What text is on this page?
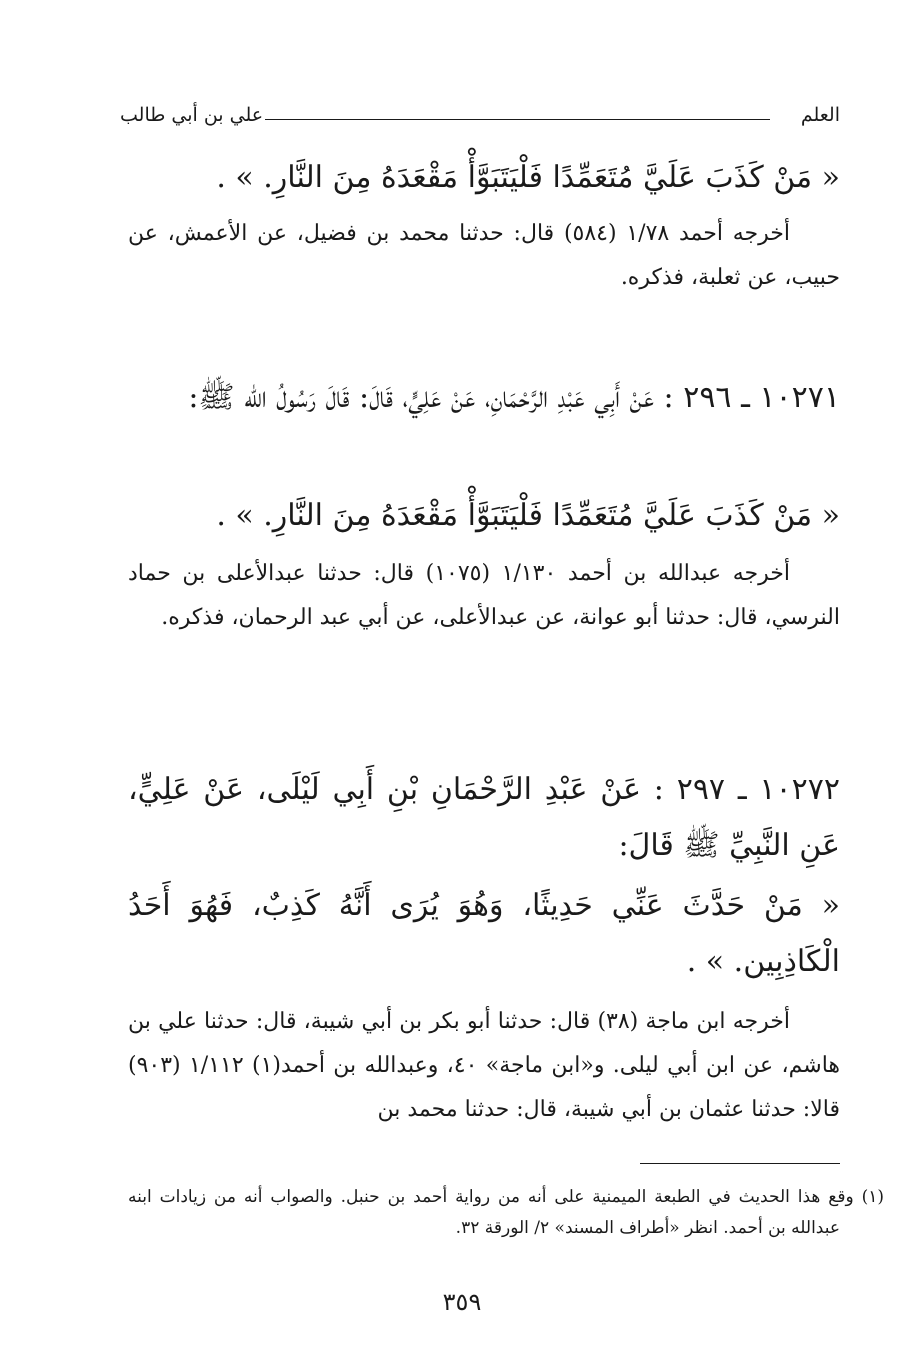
العلم
علي بن أبي طالب
« مَنْ كَذَبَ عَلَيَّ مُتَعَمِّدًا فَلْيَتَبَوَّأْ مَقْعَدَهُ مِنَ النَّارِ. » .
أخرجه أحمد ١/٧٨ (٥٨٤) قال: حدثنا محمد بن فضيل، عن الأعمش، عن حبيب، عن ثعلبة، فذكره.
١٠٢٧١ ـ ٢٩٦ : عَنْ أَبِي عَبْدِ الرَّحْمَانِ، عَنْ عَلِيٍّ، قَالَ: قَالَ رَسُولُ الله ﷺ:
« مَنْ كَذَبَ عَلَيَّ مُتَعَمِّدًا فَلْيَتَبَوَّأْ مَقْعَدَهُ مِنَ النَّارِ. » .
أخرجه عبدالله بن أحمد ١/١٣٠ (١٠٧٥) قال: حدثنا عبدالأعلى بن حماد النرسي، قال: حدثنا أبو عوانة، عن عبدالأعلى، عن أبي عبد الرحمان، فذكره.
١٠٢٧٢ ـ ٢٩٧ : عَنْ عَبْدِ الرَّحْمَانِ بْنِ أَبِي لَيْلَى، عَنْ عَلِيٍّ، عَنِ النَّبِيِّ ﷺ قَالَ:
« مَنْ حَدَّثَ عَنِّي حَدِيثًا، وَهُوَ يُرَى أَنَّهُ كَذِبٌ، فَهُوَ أَحَدُ الْكَاذِبِين. » .
أخرجه ابن ماجة (٣٨) قال: حدثنا أبو بكر بن أبي شيبة، قال: حدثنا علي بن هاشم، عن ابن أبي ليلى. و«ابن ماجة» ٤٠، وعبدالله بن أحمد(١) ١/١١٢ (٩٠٣) قالا: حدثنا عثمان بن أبي شيبة، قال: حدثنا محمد بن
(١) وقع هذا الحديث في الطبعة الميمنية على أنه من رواية أحمد بن حنبل. والصواب أنه من زيادات ابنه عبدالله بن أحمد. انظر «أطراف المسند» ٢/ الورقة ٣٢.
٣٥٩
